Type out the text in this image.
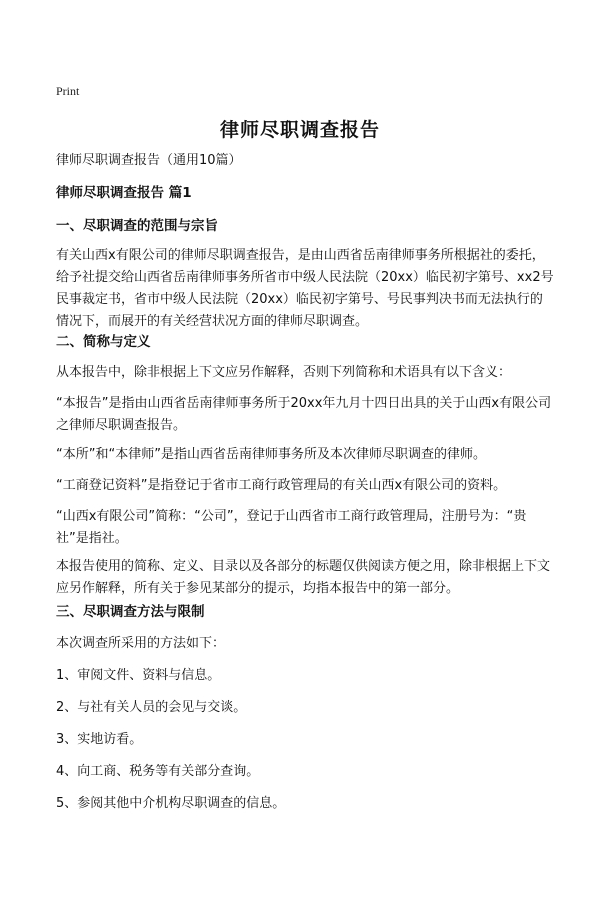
Print
律师尽职调查报告
律师尽职调查报告（通用10篇）
律师尽职调查报告 篇1
一、尽职调查的范围与宗旨
有关山西x有限公司的律师尽职调查报告，是由山西省岳南律师事务所根据社的委托，给予社提交给山西省岳南律师事务所省市中级人民法院（20xx）临民初字第号、xx2号民事裁定书，省市中级人民法院（20xx）临民初字第号、号民事判决书而无法执行的情况下，而展开的有关经营状况方面的律师尽职调查。
二、简称与定义
从本报告中，除非根据上下文应另作解释，否则下列简称和术语具有以下含义：
“本报告”是指由山西省岳南律师事务所于20xx年九月十四日出具的关于山西x有限公司之律师尽职调查报告。
“本所”和“本律师”是指山西省岳南律师事务所及本次律师尽职调查的律师。
“工商登记资料”是指登记于省市工商行政管理局的有关山西x有限公司的资料。
“山西x有限公司”简称：“公司”，登记于山西省市工商行政管理局，注册号为：“贵社”是指社。
本报告使用的简称、定义、目录以及各部分的标题仅供阅读方便之用，除非根据上下文应另作解释，所有关于参见某部分的提示，均指本报告中的第一部分。
三、尽职调查方法与限制
本次调查所采用的方法如下：
1、审阅文件、资料与信息。
2、与社有关人员的会见与交谈。
3、实地访看。
4、向工商、税务等有关部分查询。
5、参阅其他中介机构尽职调查的信息。
